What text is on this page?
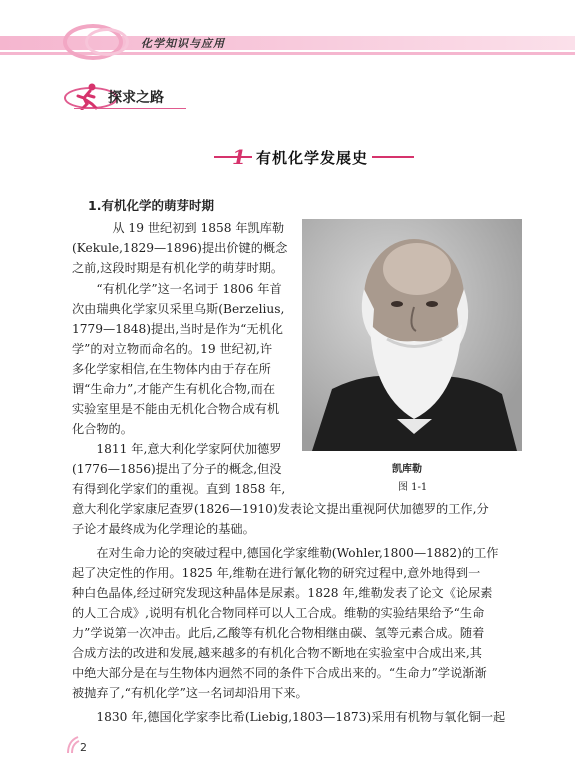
化学知识与应用
探求之路
1 有机化学发展史
1.有机化学的萌芽时期
　　从 19 世纪初到 1858 年凯库勒
(Kekule,1829—1896)提出价键的概念
之前,这段时期是有机化学的萌芽时期。
　　“有机化学”这一名词于 1806 年首
次由瑞典化学家贝采里乌斯(Berzelius,
1779—1848)提出,当时是作为“无机化
学”的对立物而命名的。19 世纪初,许
多化学家相信,在生物体内由于存在所
谓“生命力”,才能产生有机化合物,而在
实验室里是不能由无机化合物合成有机
化合物的。
　　1811 年,意大利化学家阿伏加德罗
(1776—1856)提出了分子的概念,但没
有得到化学家们的重视。直到 1858 年,
意大利化学家康尼查罗(1826—1910)发表论文提出重视阿伏加德罗的工作,分
子论才最终成为化学理论的基础。
　　在对生命力论的突破过程中,德国化学家维勒(Wohler,1800—1882)的工作
起了决定性的作用。1825 年,维勒在进行氰化物的研究过程中,意外地得到一
种白色晶体,经过研究发现这种晶体是尿素。1828 年,维勒发表了论文《论尿素
的人工合成》,说明有机化合物同样可以人工合成。维勒的实验结果给予“生命
力”学说第一次冲击。此后,乙酸等有机化合物相继由碳、氢等元素合成。随着
合成方法的改进和发展,越来越多的有机化合物不断地在实验室中合成出来,其
中绝大部分是在与生物体内迥然不同的条件下合成出来的。“生命力”学说渐渐
被抛弃了,“有机化学”这一名词却沿用下来。
　　1830 年,德国化学家李比希(Liebig,1803—1873)采用有机物与氧化铜一起
凯库勒
图 1-1
2
